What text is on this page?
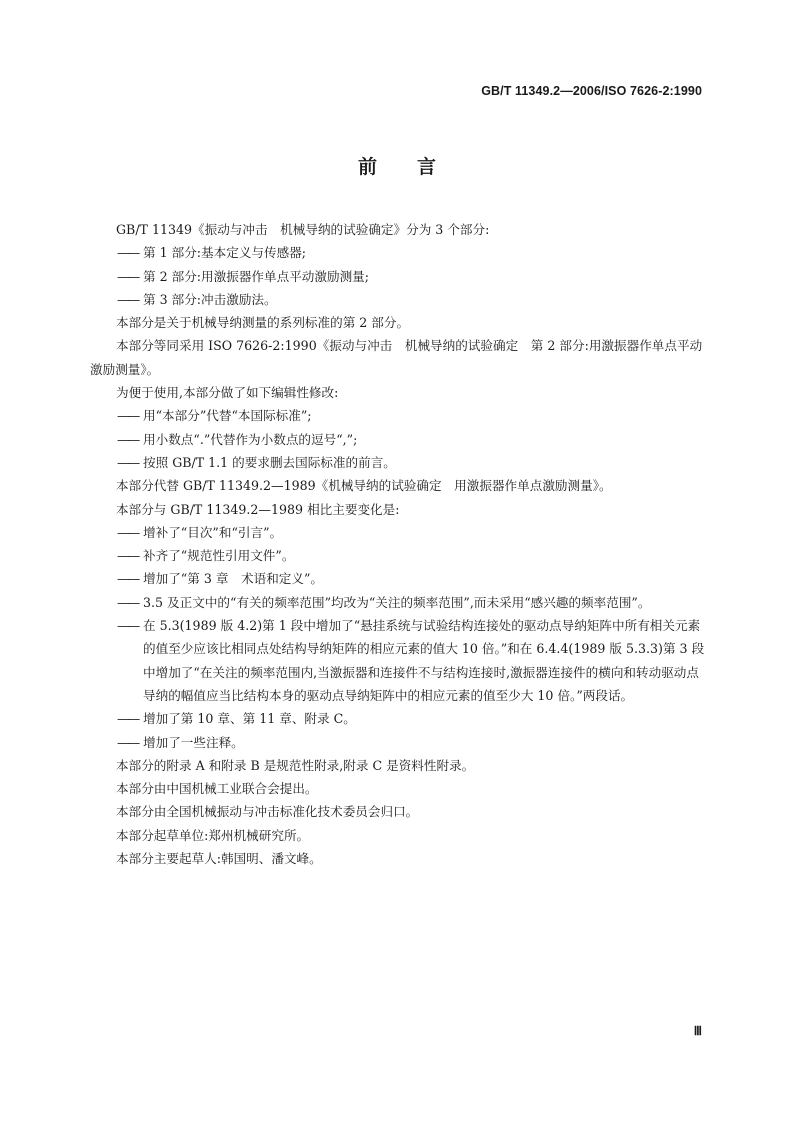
GB/T 11349.2—2006/ISO 7626-2:1990
前言

GB/T 11349《振动与冲击　机械导纳的试验确定》分为 3 个部分:

—— 第 1 部分:基本定义与传感器;

—— 第 2 部分:用激振器作单点平动激励测量;

—— 第 3 部分:冲击激励法。

本部分是关于机械导纳测量的系列标准的第 2 部分。

本部分等同采用 ISO 7626-2:1990《振动与冲击　机械导纳的试验确定　第 2 部分:用激振器作单点平动激励测量》。

为便于使用,本部分做了如下编辑性修改:

—— 用“本部分”代替“本国际标准”;

—— 用小数点“.”代替作为小数点的逗号“,”;

—— 按照 GB/T 1.1 的要求删去国际标准的前言。

本部分代替 GB/T 11349.2—1989《机械导纳的试验确定　用激振器作单点激励测量》。

本部分与 GB/T 11349.2—1989 相比主要变化是:

—— 增补了“目次”和“引言”。

—— 补齐了“规范性引用文件”。

—— 增加了“第 3 章　术语和定义”。

—— 3.5 及正文中的“有关的频率范围”均改为“关注的频率范围”,而未采用“感兴趣的频率范围”。

—— 在 5.3(1989 版 4.2)第 1 段中增加了“悬挂系统与试验结构连接处的驱动点导纳矩阵中所有相关元素的值至少应该比相同点处结构导纳矩阵的相应元素的值大 10 倍。”和在 6.4.4(1989 版 5.3.3)第 3 段中增加了“在关注的频率范围内,当激振器和连接件不与结构连接时,激振器连接件的横向和转动驱动点导纳的幅值应当比结构本身的驱动点导纳矩阵中的相应元素的值至少大 10 倍。”两段话。

—— 增加了第 10 章、第 11 章、附录 C。

—— 增加了一些注释。

本部分的附录 A 和附录 B 是规范性附录,附录 C 是资料性附录。

本部分由中国机械工业联合会提出。

本部分由全国机械振动与冲击标准化技术委员会归口。

本部分起草单位:郑州机械研究所。

本部分主要起草人:韩国明、潘文峰。

Ⅲ
